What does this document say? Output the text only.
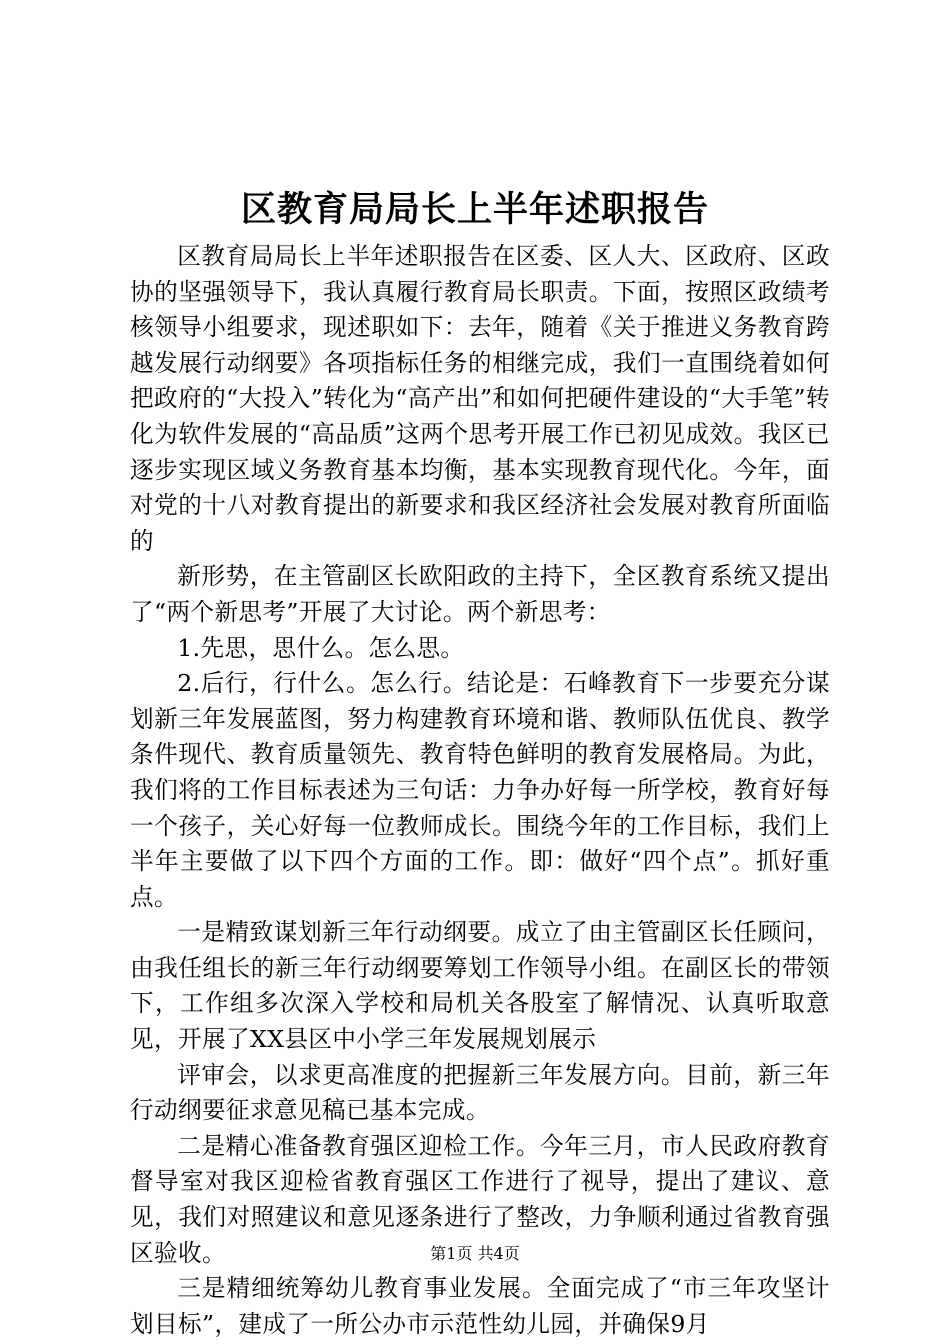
区教育局局长上半年述职报告

区教育局局长上半年述职报告在区委、区人大、区政府、区政协的坚强领导下，我认真履行教育局长职责。下面，按照区政绩考核领导小组要求，现述职如下：去年，随着《关于推进义务教育跨越发展行动纲要》各项指标任务的相继完成，我们一直围绕着如何把政府的“大投入”转化为“高产出”和如何把硬件建设的“大手笔”转化为软件发展的“高品质”这两个思考开展工作已初见成效。我区已逐步实现区域义务教育基本均衡，基本实现教育现代化。今年，面对党的十八对教育提出的新要求和我区经济社会发展对教育所面临的

新形势，在主管副区长欧阳政的主持下，全区教育系统又提出了“两个新思考”开展了大讨论。两个新思考：

1.先思，思什么。怎么思。

2.后行，行什么。怎么行。结论是：石峰教育下一步要充分谋划新三年发展蓝图，努力构建教育环境和谐、教师队伍优良、教学条件现代、教育质量领先、教育特色鲜明的教育发展格局。为此，我们将的工作目标表述为三句话：力争办好每一所学校，教育好每一个孩子，关心好每一位教师成长。围绕今年的工作目标，我们上半年主要做了以下四个方面的工作。即：做好“四个点”。抓好重点。

一是精致谋划新三年行动纲要。成立了由主管副区长任顾问，由我任组长的新三年行动纲要筹划工作领导小组。在副区长的带领下，工作组多次深入学校和局机关各股室了解情况、认真听取意见，开展了XX县区中小学三年发展规划展示

评审会，以求更高准度的把握新三年发展方向。目前，新三年行动纲要征求意见稿已基本完成。

二是精心准备教育强区迎检工作。今年三月，市人民政府教育督导室对我区迎检省教育强区工作进行了视导，提出了建议、意见，我们对照建议和意见逐条进行了整改，力争顺利通过省教育强区验收。

三是精细统筹幼儿教育事业发展。全面完成了“市三年攻坚计划目标”，建成了一所公办市示范性幼儿园，并确保9月

第1页 共4页
